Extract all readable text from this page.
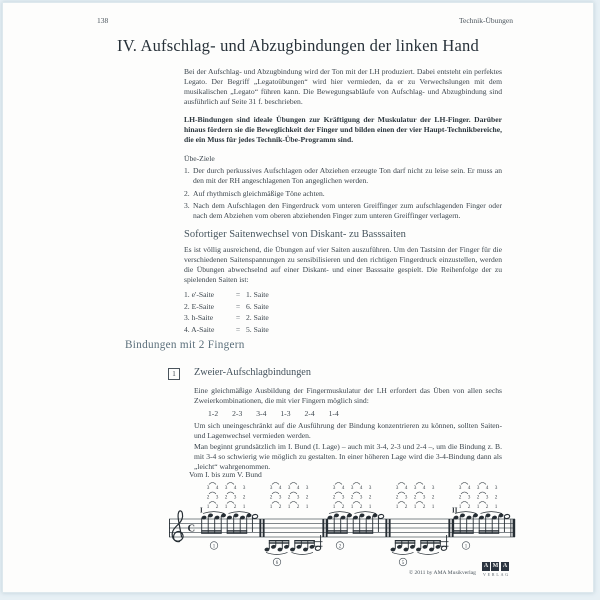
138	Technik-Übungen
IV. Aufschlag- und Abzugbindungen der linken Hand

Bei der Aufschlag- und Abzugbindung wird der Ton mit der LH produziert. Dabei entsteht ein perfektes Legato. Der Begriff „Legatoübungen“ wird hier vermieden, da er zu Verwechslungen mit dem musikalischen „Legato“ führen kann. Die Bewegungsabläufe von Aufschlag- und Abzugbindung sind ausführlich auf Seite 31 f. beschrieben.

LH-Bindungen sind ideale Übungen zur Kräftigung der Muskulatur der LH-Finger. Darüber hinaus fördern sie die Beweglichkeit der Finger und bilden einen der vier Haupt-Technikbereiche, die ein Muss für jedes Technik-Übe-Programm sind.

Übe-Ziele
1. Der durch perkussives Aufschlagen oder Abziehen erzeugte Ton darf nicht zu leise sein. Er muss an den mit der RH angeschlagenen Ton angeglichen werden.
2. Auf rhythmisch gleichmäßige Töne achten.
3. Nach dem Aufschlagen den Fingerdruck vom unteren Greiffinger zum aufschlagenden Finger oder nach dem Abziehen vom oberen abziehenden Finger zum unteren Greiffinger verlagern.
Sofortiger Saitenwechsel von Diskant- zu Basssaiten

Es ist völlig ausreichend, die Übungen auf vier Saiten auszuführen. Um den Tastsinn der Finger für die verschiedenen Saitenspannungen zu sensibilisieren und den richtigen Fingerdruck einzustellen, werden die Übungen abwechselnd auf einer Diskant- und einer Basssaite gespielt. Die Reihenfolge der zu spielenden Saiten ist:

1. e'-Saite	= 1. Saite
2. E-Saite	= 6. Saite
3. h-Saite	= 2. Saite
4. A-Saite	= 5. Saite
Bindungen mit 2 Fingern
1	Zweier-Aufschlagbindungen

Eine gleichmäßige Ausbildung der Fingermuskulatur der LH erfordert das Üben von allen sechs Zweierkombinationen, die mit vier Fingern möglich sind:

1-2 2-3 3-4 1-3 2-4 1-4

Um sich uneingeschränkt auf die Ausführung der Bindung konzentrieren zu können, sollten Saiten- und Lagenwechsel vermieden werden.

Man beginnt grundsätzlich im I. Bund (I. Lage) – auch mit 3-4, 2-3 und 2-4 –, um die Bindung z. B. mit 3-4 so schwierig wie möglich zu gestalten. In einer höheren Lage wird die 3-4-Bindung dann als „leicht“ wahrgenommen.

Vom I. bis zum V. Bund
C
3 4 3 4 3
2 3 2 3 2
1 2 1 2 1
I
1
3 4 3 4 3
2 3 2 3 2
1 2 1 2 1
6
3 4 3 4 3
2 3 2 3 2
1 2 1 2 1
2
3 4 3 4 3
2 3 2 3 2
1 2 1 2 1
5
3 4 3 4 3
2 3 2 3 2
1 2 1 2 1
II
1
© 2011 by AMA Musikverlag
A M A
VERLAG
